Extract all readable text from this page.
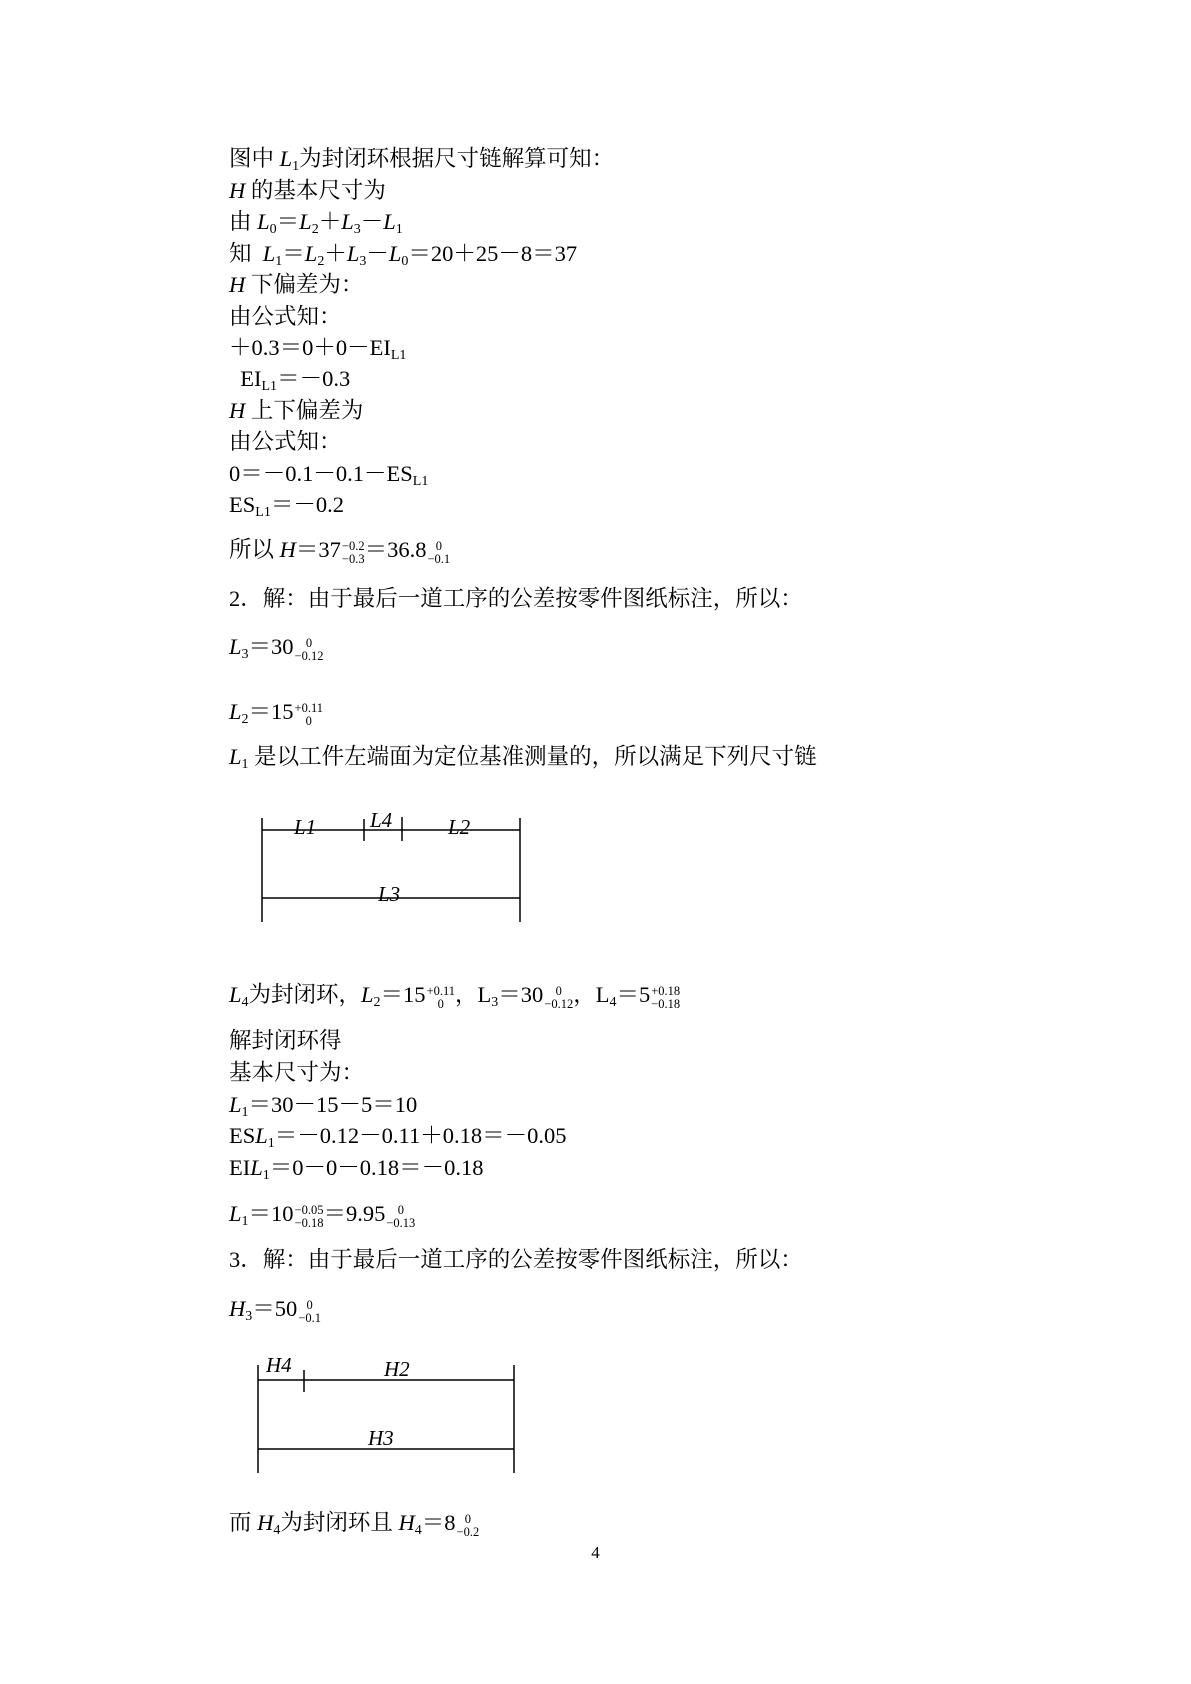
图中 $L_1$为封闭环根据尺寸链解算可知：
H 的基本尺寸为
由 $L_0=L_2+L_3-L_1$
知 $L_1=L_2+L_3-L_0=20+25-8=37$
H 下偏差为：
由公式知：
$+0.3=0+0-EI_{L1}$
$EI_{L1}=-0.3$
H 上下偏差为
由公式知：
$0=-0.1-0.1-ES_{L1}$
$ES_{L1}=-0.2$
所以 H＝37 −0.2
−0.3 ＝36.8 0
−0.1
2．解：由于最后一道工序的公差按零件图纸标注，所以：
$L_3=30$ 0
−0.12
$L_2=15 +0.11$
0
$L_1$ 是以工件左端面为定位基准测量的，所以满足下列尺寸链
L1	L4	L2
L3
$L_4$为封闭环，$L_2=15 +0.11$
0 ，$L_3=30$ 0
−0.12 ，$L_4=5 +0.18$
−0.18
解封闭环得
基本尺寸为：
$L_1=30-15-5=10$
$ESL_1=-0.12-0.11+0.18=-0.05$
$EIL_1=0-0-0.18=-0.18$
$L_1=10 -0.05$
−0.18 ＝9.95 0
−0.13
3．解：由于最后一道工序的公差按零件图纸标注，所以：
$H_3=50$ 0
−0.1
H4	H2
H3
而 $H_4$为封闭环且 $H_4=8$ 0
−0.2
4
